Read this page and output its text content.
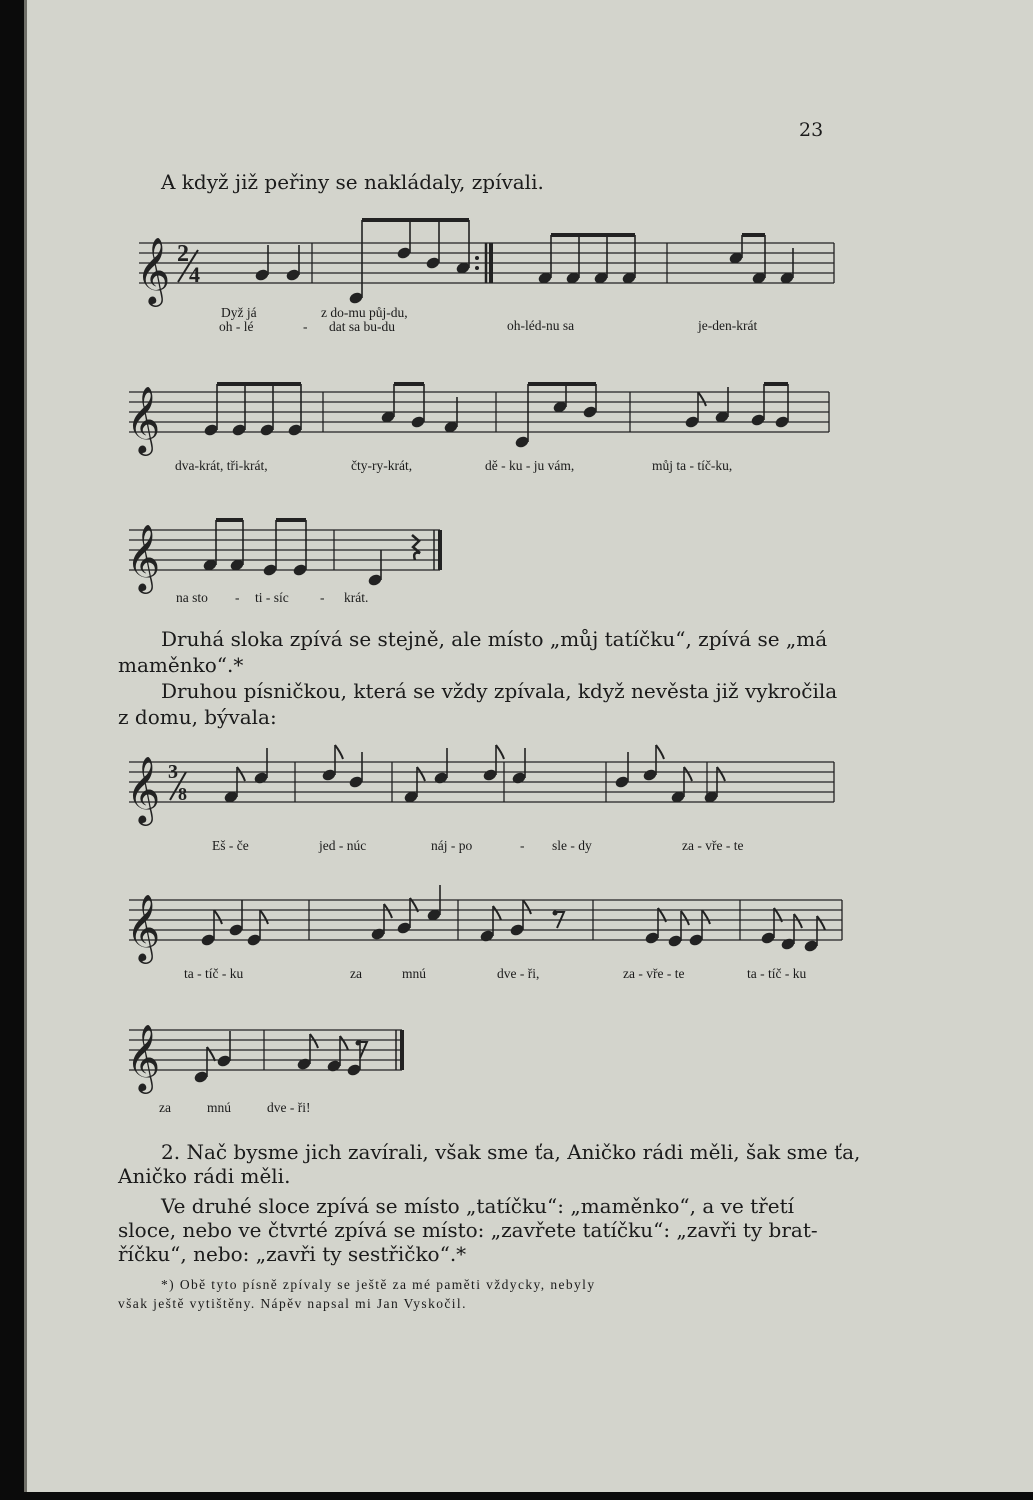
23
A když již peřiny se nakládaly, zpívali.
𝄞 2
4
Dyž já	z do-mu půj-du,
oh-léd-nu sa	je-den-krát
oh - lé	- dat sa bu-du
𝄞
dva-krát, tři-krát,	čty-ry-krát,	dě - ku - ju vám,	můj ta - tíč-ku,
𝄞
na sto - ti - síc - krát.
Druhá sloka zpívá se stejně, ale místo „můj tatíčku“, zpívá se „má
maměnko“.*
Druhou písničkou, která se vždy zpívala, když nevěsta již vykročila
z domu, bývala:
𝄞 3
8
Eš - če	jed - núc	náj - po	- sle - dy	za - vře - te
𝄞
ta - tíč - ku	za	mnú	dve - ři,	za - vře - te	ta - tíč - ku
𝄞
za	mnú	dve - ři!
2. Nač bysme jich zavírali, však sme ťa, Aničko rádi měli, šak sme ťa,
Aničko rádi měli.
Ve druhé sloce zpívá se místo „tatíčku“: „maměnko“, a ve třetí
sloce, nebo ve čtvrté zpívá se místo: „zavřete tatíčku“: „zavři ty brat-
říčku“, nebo: „zavři ty sestřičko“.*
*) Obě tyto písně zpívaly se ještě za mé paměti vždycky, nebyly
však ještě vytištěny. Nápěv napsal mi Jan Vyskočil.
